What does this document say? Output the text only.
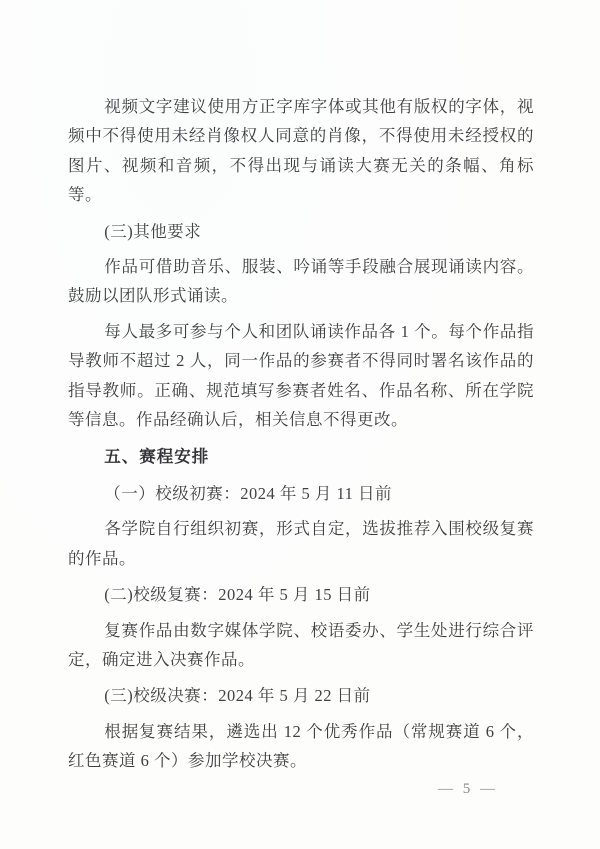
视频文字建议使用方正字库字体或其他有版权的字体，视频中不得使用未经肖像权人同意的肖像，不得使用未经授权的图片、视频和音频，不得出现与诵读大赛无关的条幅、角标等。

(三)其他要求

作品可借助音乐、服装、吟诵等手段融合展现诵读内容。鼓励以团队形式诵读。

每人最多可参与个人和团队诵读作品各 1 个。每个作品指导教师不超过 2 人，同一作品的参赛者不得同时署名该作品的指导教师。正确、规范填写参赛者姓名、作品名称、所在学院等信息。作品经确认后，相关信息不得更改。

五、赛程安排

（一）校级初赛：2024 年 5 月 11 日前

各学院自行组织初赛，形式自定，选拔推荐入围校级复赛的作品。

(二)校级复赛：2024 年 5 月 15 日前

复赛作品由数字媒体学院、校语委办、学生处进行综合评定，确定进入决赛作品。

(三)校级决赛：2024 年 5 月 22 日前

根据复赛结果，遴选出 12 个优秀作品（常规赛道 6 个，红色赛道 6 个）参加学校决赛。

— 5 —
